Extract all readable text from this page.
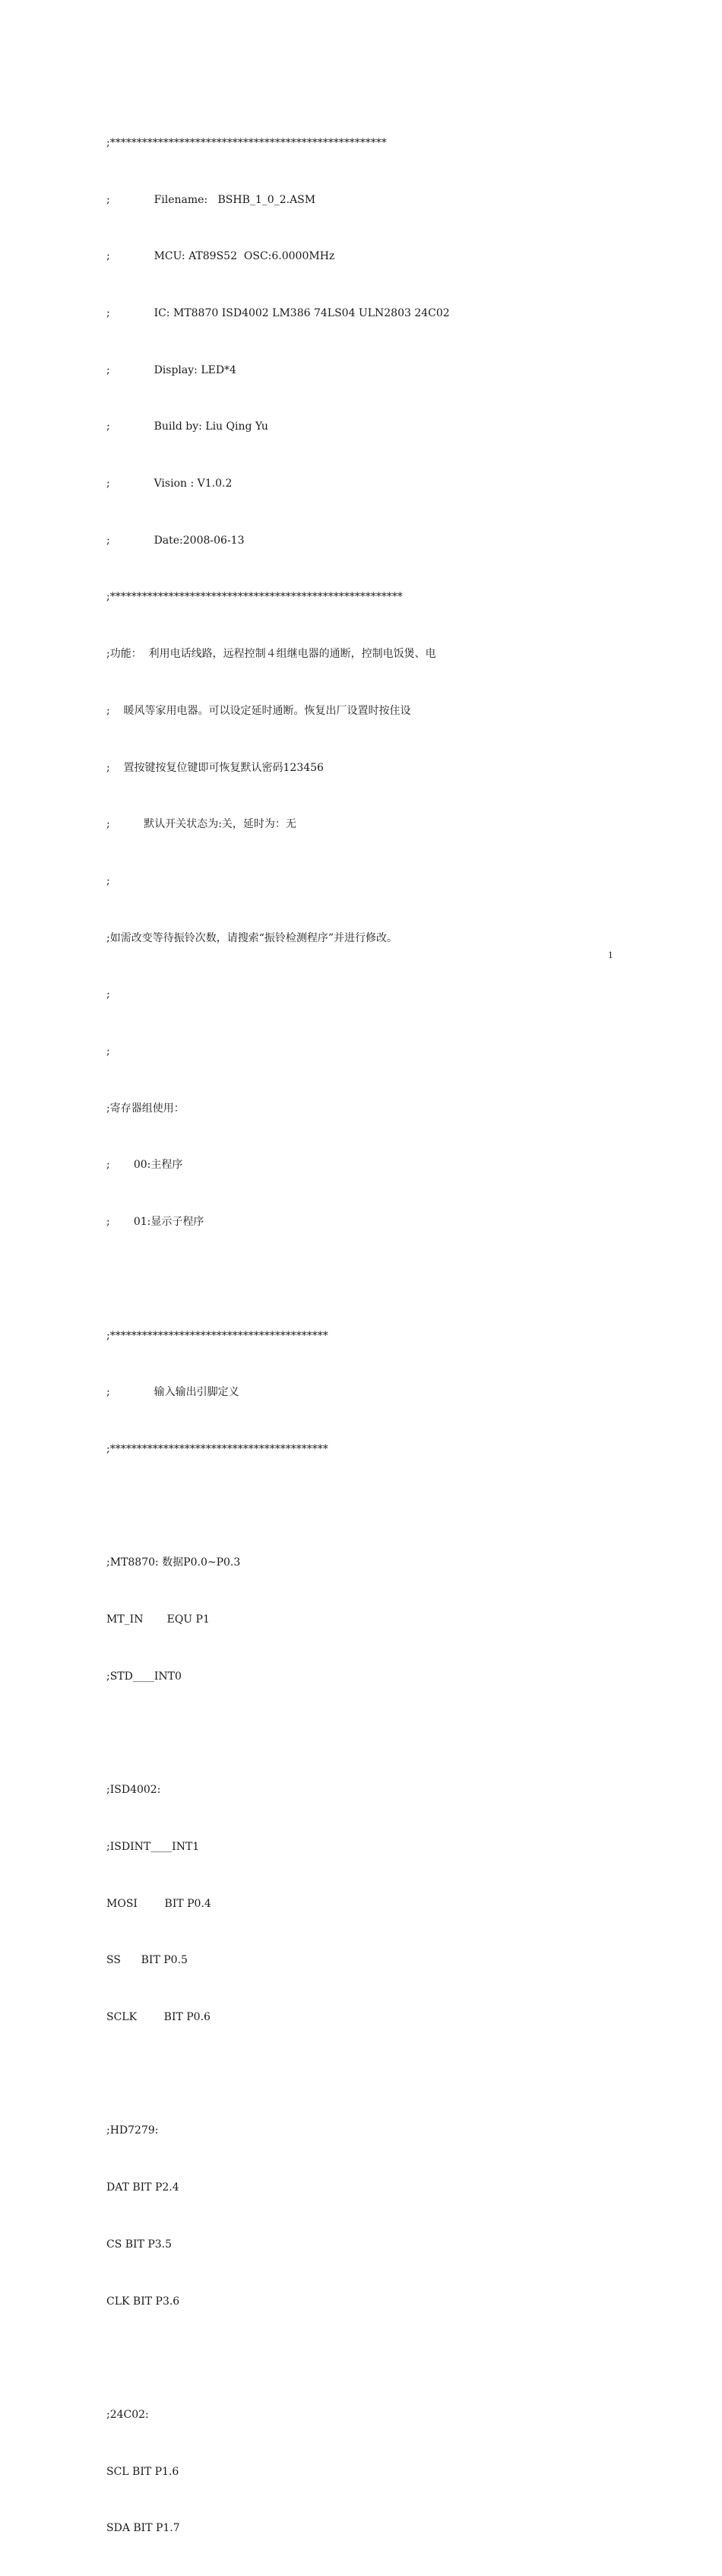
;****************************************************

;             Filename:   BSHB_1_0_2.ASM

;             MCU: AT89S52  OSC:6.0000MHz

;             IC: MT8870 ISD4002 LM386 74LS04 ULN2803 24C02

;             Display: LED*4

;             Build by: Liu Qing Yu

;             Vision : V1.0.2

;             Date:2008-06-13

;*******************************************************

;功能：  利用电话线路，远程控制４组继电器的通断，控制电饭煲、电

;    暖风等家用电器。可以设定延时通断。恢复出厂设置时按住设

;    置按键按复位键即可恢复默认密码123456

;          默认开关状态为:关，延时为：无

;

;如需改变等待振铃次数，请搜索“振铃检测程序”并进行修改。

;

;

;寄存器组使用：

;       00:主程序

;       01:显示子程序

;*****************************************

;             输入输出引脚定义

;*****************************************

;MT8870: 数据P0.0~P0.3

MT_IN       EQU P1

;STD____INT0

;ISD4002:

;ISDINT____INT1

MOSI        BIT P0.4

SS      BIT P0.5

SCLK        BIT P0.6

;HD7279:

DAT BIT P2.4

CS BIT P3.5

CLK BIT P3.6

;24C02:

SCL BIT P1.6

SDA BIT P1.7

1
